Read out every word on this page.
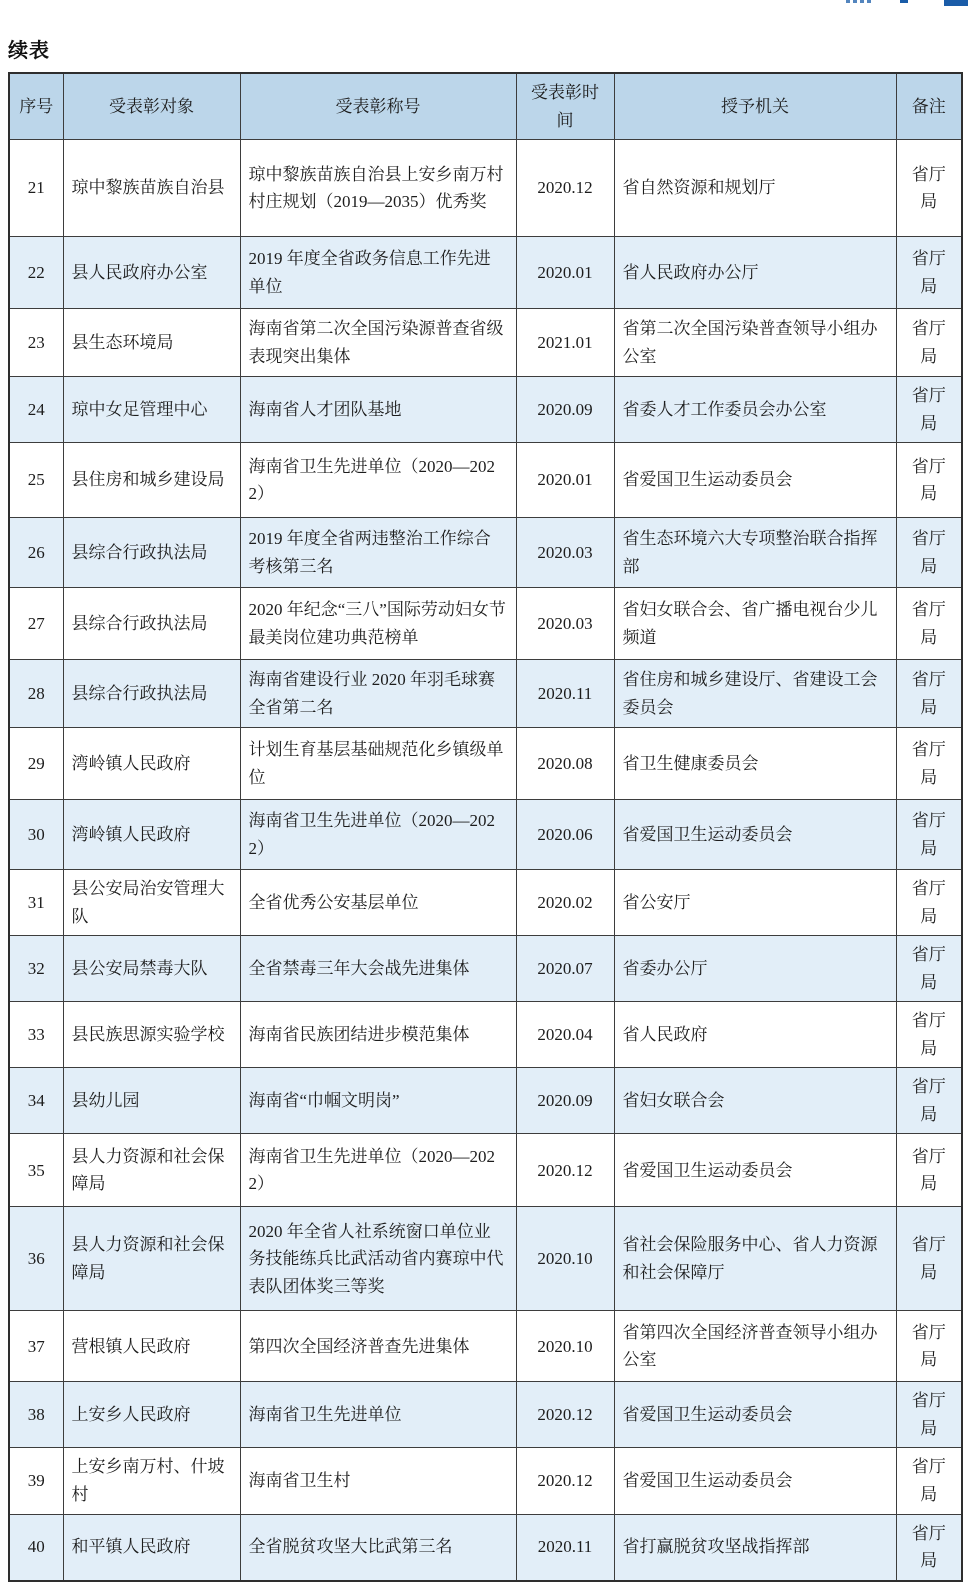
续表
序号	受表彰对象	受表彰称号	受表彰时间	授予机关	备注
21	琼中黎族苗族自治县	琼中黎族苗族自治县上安乡南万村村庄规划（2019—2035）优秀奖	2020.12	省自然资源和规划厅	省厅局
22	县人民政府办公室	2019 年度全省政务信息工作先进单位	2020.01	省人民政府办公厅	省厅局
23	县生态环境局	海南省第二次全国污染源普查省级表现突出集体	2021.01	省第二次全国污染普查领导小组办公室	省厅局
24	琼中女足管理中心	海南省人才团队基地	2020.09	省委人才工作委员会办公室	省厅局
25	县住房和城乡建设局	海南省卫生先进单位（2020—2022）	2020.01	省爱国卫生运动委员会	省厅局
26	县综合行政执法局	2019 年度全省两违整治工作综合考核第三名	2020.03	省生态环境六大专项整治联合指挥部	省厅局
27	县综合行政执法局	2020 年纪念“三八”国际劳动妇女节最美岗位建功典范榜单	2020.03	省妇女联合会、省广播电视台少儿频道	省厅局
28	县综合行政执法局	海南省建设行业 2020 年羽毛球赛全省第二名	2020.11	省住房和城乡建设厅、省建设工会委员会	省厅局
29	湾岭镇人民政府	计划生育基层基础规范化乡镇级单位	2020.08	省卫生健康委员会	省厅局
30	湾岭镇人民政府	海南省卫生先进单位（2020—2022）	2020.06	省爱国卫生运动委员会	省厅局
31	县公安局治安管理大队	全省优秀公安基层单位	2020.02	省公安厅	省厅局
32	县公安局禁毒大队	全省禁毒三年大会战先进集体	2020.07	省委办公厅	省厅局
33	县民族思源实验学校	海南省民族团结进步模范集体	2020.04	省人民政府	省厅局
34	县幼儿园	海南省“巾帼文明岗”	2020.09	省妇女联合会	省厅局
35	县人力资源和社会保障局	海南省卫生先进单位（2020—2022）	2020.12	省爱国卫生运动委员会	省厅局
36	县人力资源和社会保障局	2020 年全省人社系统窗口单位业务技能练兵比武活动省内赛琼中代表队团体奖三等奖	2020.10	省社会保险服务中心、省人力资源和社会保障厅	省厅局
37	营根镇人民政府	第四次全国经济普查先进集体	2020.10	省第四次全国经济普查领导小组办公室	省厅局
38	上安乡人民政府	海南省卫生先进单位	2020.12	省爱国卫生运动委员会	省厅局
39	上安乡南万村、什坡村	海南省卫生村	2020.12	省爱国卫生运动委员会	省厅局
40	和平镇人民政府	全省脱贫攻坚大比武第三名	2020.11	省打赢脱贫攻坚战指挥部	省厅局
